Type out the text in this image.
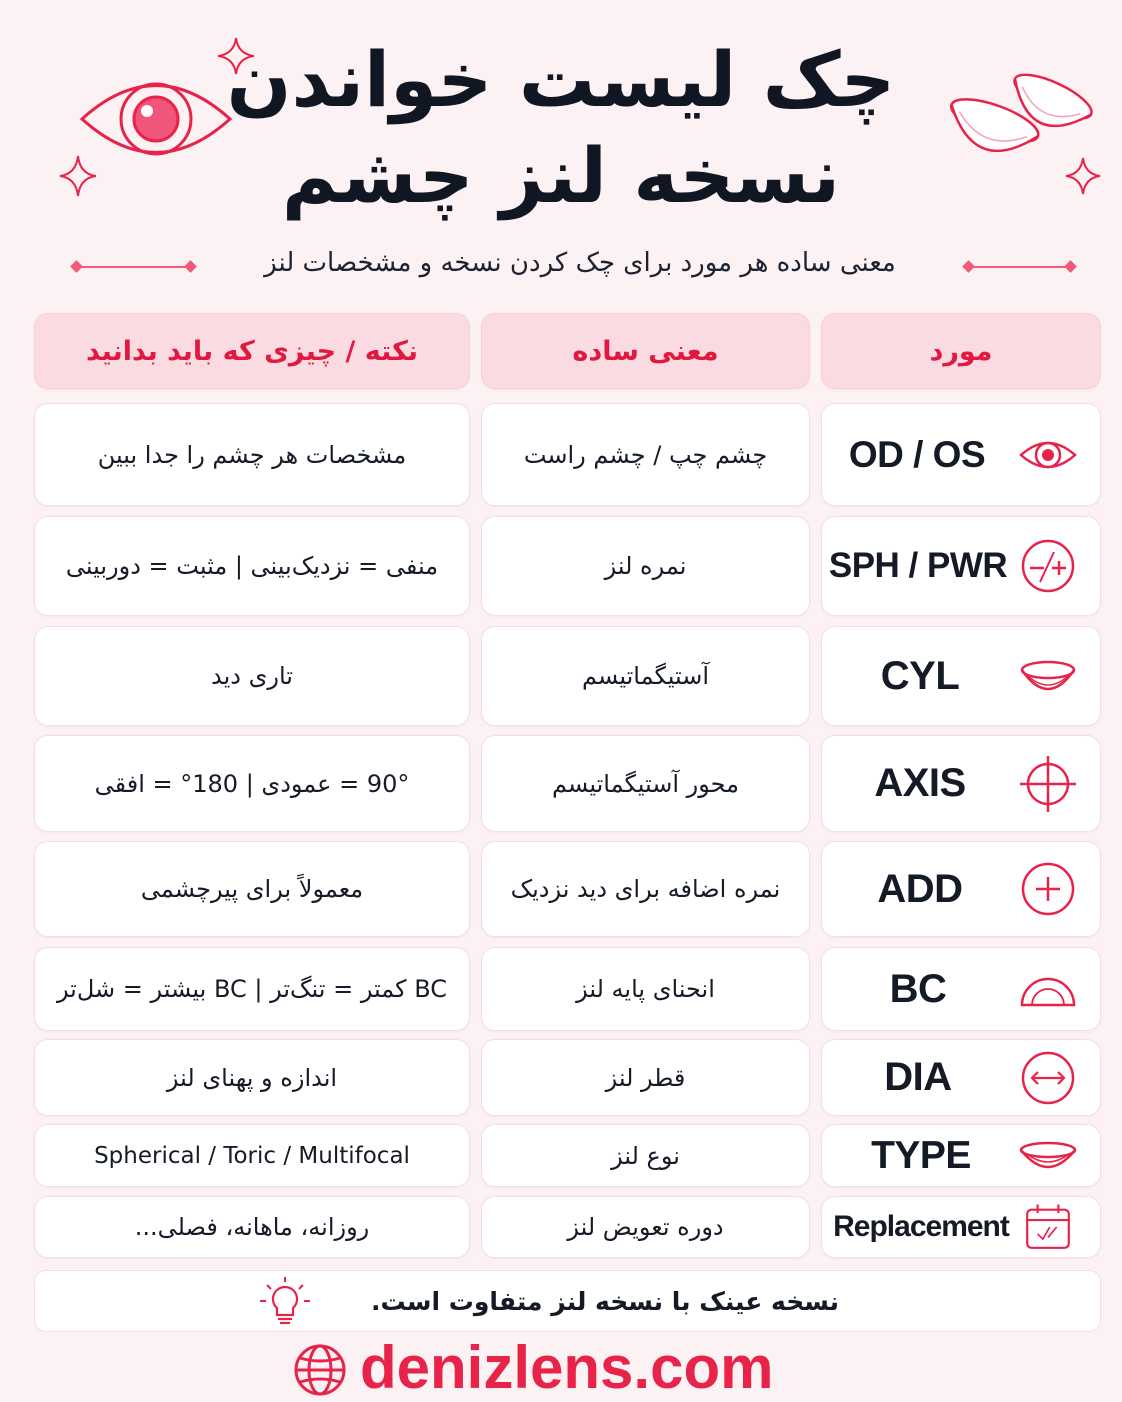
چک لیست خواندن
نسخه لنز چشم
معنی ساده هر مورد برای چک کردن نسخه و مشخصات لنز
نکته / چیزی که باید بدانید	معنی ساده	مورد
مشخصات هر چشم را جدا ببین	چشم چپ / چشم راست	OD / OS
منفی = نزدیک‌بینی | مثبت = دوربینی	نمره لنز	SPH / PWR
تاری دید	آستیگماتیسم	CYL
90° = عمودی | 180° = افقی	محور آستیگماتیسم	AXIS
معمولاً برای پیرچشمی	نمره اضافه برای دید نزدیک	ADD
BC کمتر = تنگ‌تر | BC بیشتر = شل‌تر	انحنای پایه لنز	BC
اندازه و پهنای لنز	قطر لنز	DIA
Spherical / Toric / Multifocal	نوع لنز	TYPE
روزانه، ماهانه، فصلی...	دوره تعویض لنز	Replacement
نسخه عینک با نسخه لنز متفاوت است.
denizlens.com
